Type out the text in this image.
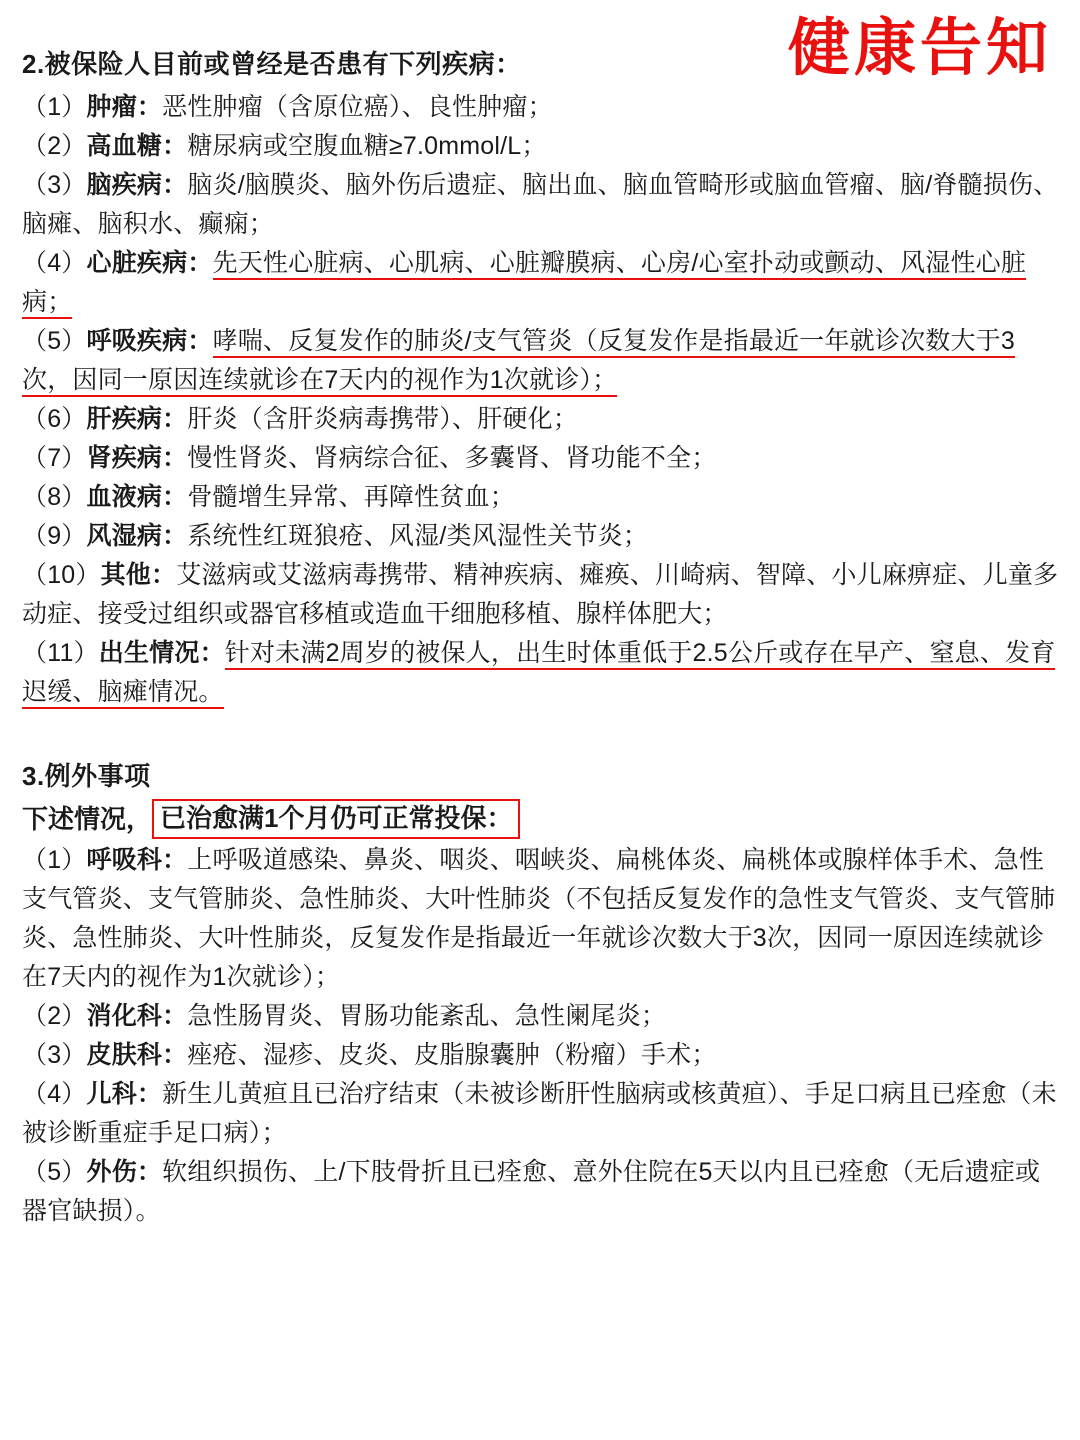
健康告知
2.被保险人目前或曾经是否患有下列疾病：

（1）肿瘤：恶性肿瘤（含原位癌）、良性肿瘤；

（2）高血糖：糖尿病或空腹血糖≥7.0mmol/L；

（3）脑疾病：脑炎/脑膜炎、脑外伤后遗症、脑出血、脑血管畸形或脑血管瘤、脑/脊髓损伤、脑瘫、脑积水、癫痫；

（4）心脏疾病：先天性心脏病、心肌病、心脏瓣膜病、心房/心室扑动或颤动、风湿性心脏病；

（5）呼吸疾病：哮喘、反复发作的肺炎/支气管炎（反复发作是指最近一年就诊次数大于3次，因同一原因连续就诊在7天内的视作为1次就诊）；

（6）肝疾病：肝炎（含肝炎病毒携带）、肝硬化；

（7）肾疾病：慢性肾炎、肾病综合征、多囊肾、肾功能不全；

（8）血液病：骨髓增生异常、再障性贫血；

（9）风湿病：系统性红斑狼疮、风湿/类风湿性关节炎；

（10）其他：艾滋病或艾滋病毒携带、精神疾病、瘫痪、川崎病、智障、小儿麻痹症、儿童多动症、接受过组织或器官移植或造血干细胞移植、腺样体肥大；

（11）出生情况：针对未满2周岁的被保人，出生时体重低于2.5公斤或存在早产、窒息、发育迟缓、脑瘫情况。

3.例外事项
下述情况， 已治愈满1个月仍可正常投保：

（1）呼吸科：上呼吸道感染、鼻炎、咽炎、咽峡炎、扁桃体炎、扁桃体或腺样体手术、急性支气管炎、支气管肺炎、急性肺炎、大叶性肺炎（不包括反复发作的急性支气管炎、支气管肺炎、急性肺炎、大叶性肺炎，反复发作是指最近一年就诊次数大于3次，因同一原因连续就诊在7天内的视作为1次就诊）；

（2）消化科：急性肠胃炎、胃肠功能紊乱、急性阑尾炎；

（3）皮肤科：痤疮、湿疹、皮炎、皮脂腺囊肿（粉瘤）手术；

（4）儿科：新生儿黄疸且已治疗结束（未被诊断肝性脑病或核黄疸）、手足口病且已痊愈（未被诊断重症手足口病）；

（5）外伤：软组织损伤、上/下肢骨折且已痊愈、意外住院在5天以内且已痊愈（无后遗症或器官缺损）。
